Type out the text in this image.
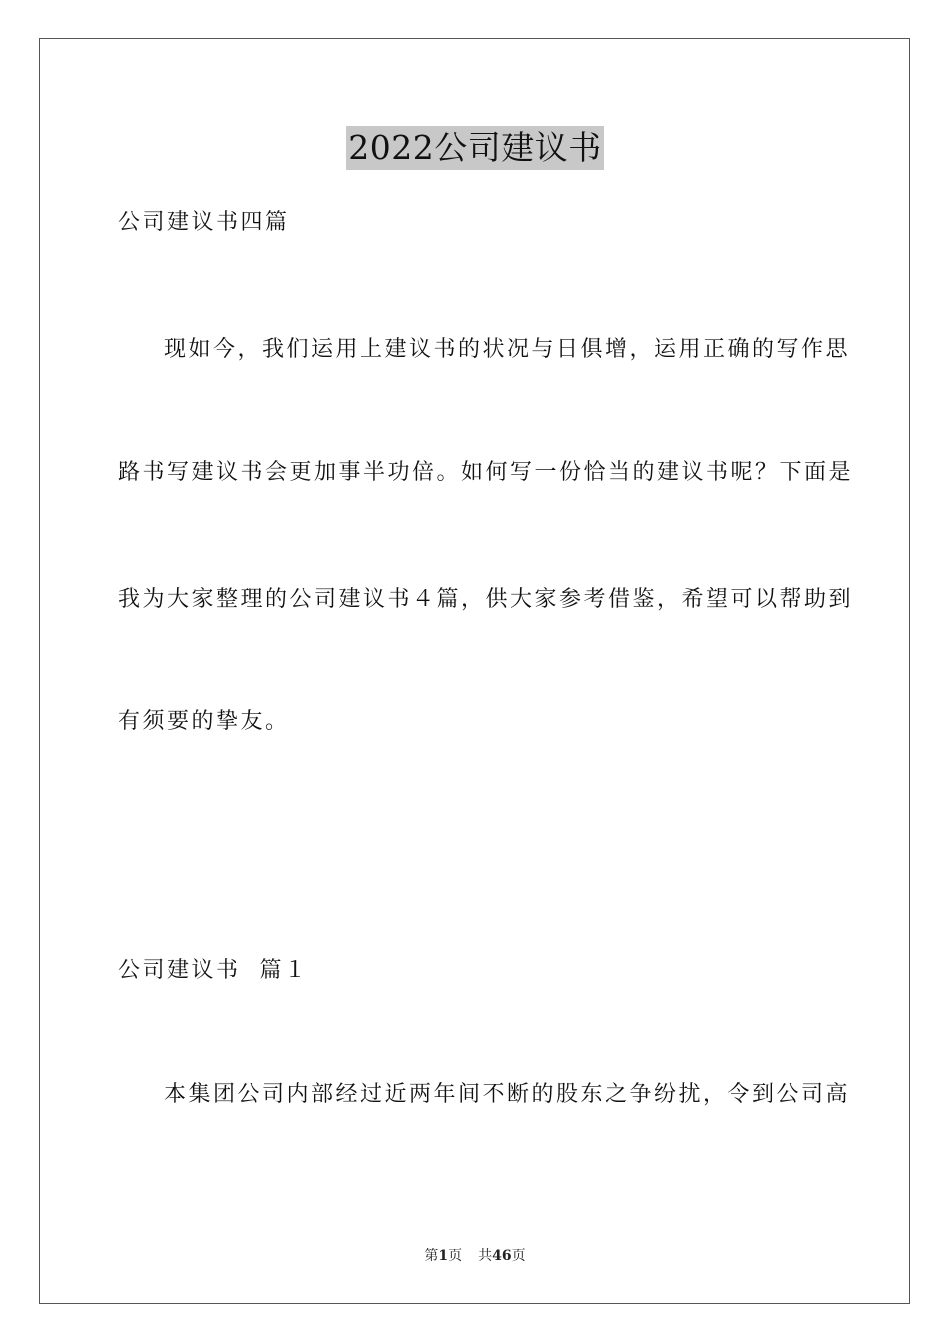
2022公司建议书
公司建议书四篇
现如今，我们运用上建议书的状况与日俱增，运用正确的写作思
路书写建议书会更加事半功倍。如何写一份恰当的建议书呢？下面是
我为大家整理的公司建议书４篇，供大家参考借鉴，希望可以帮助到
有须要的挚友。
公司建议书  篇１
本集团公司内部经过近两年间不断的股东之争纷扰，令到公司高
第1页 共46页
